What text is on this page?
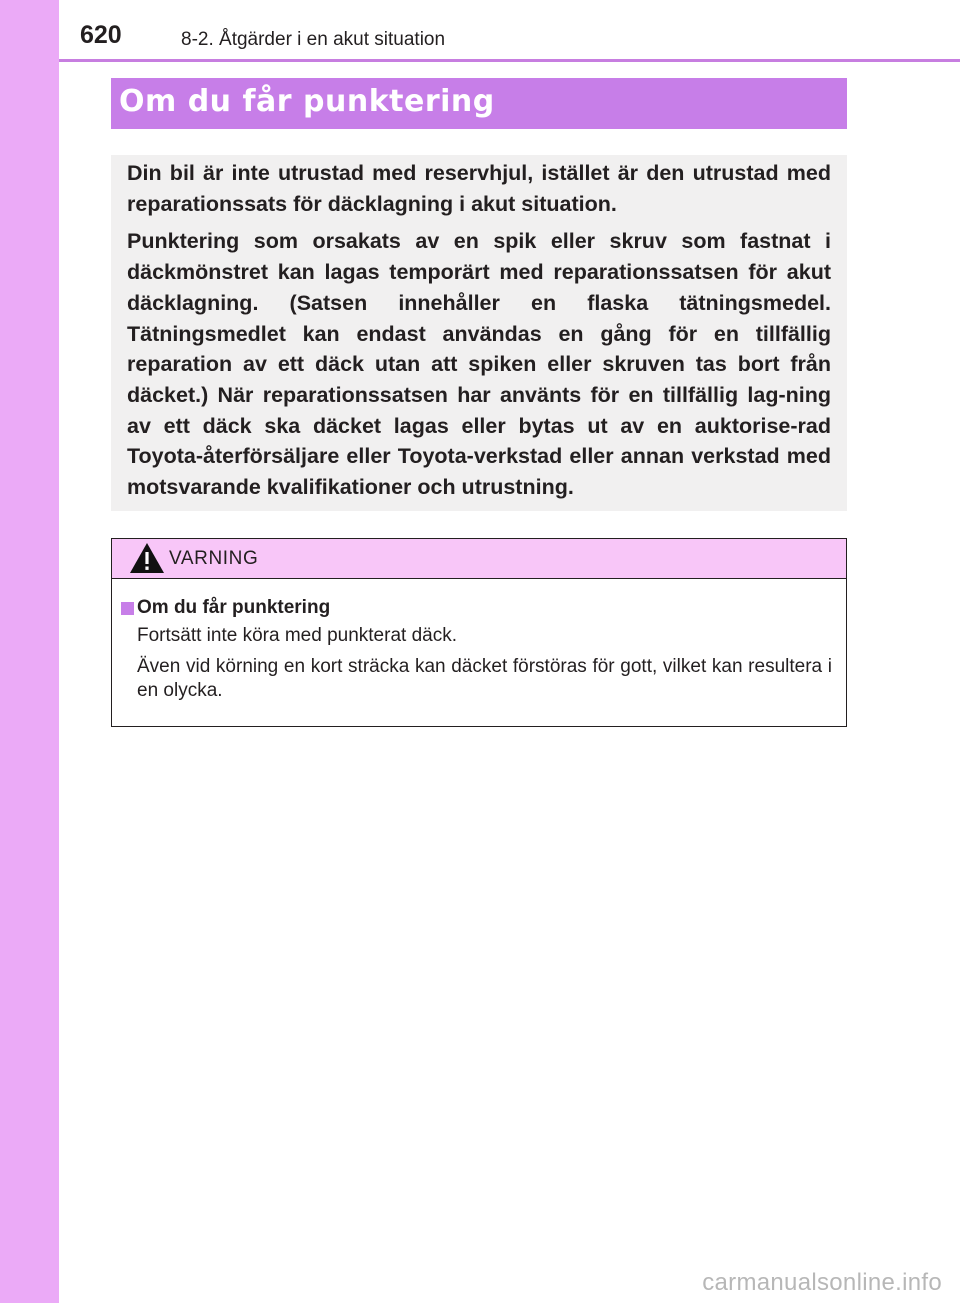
620	8-2. Åtgärder i en akut situation
Om du får punktering

Din bil är inte utrustad med reservhjul, istället är den utrustad med reparationssats för däcklagning i akut situation.

Punktering som orsakats av en spik eller skruv som fastnat i däckmönstret kan lagas temporärt med reparationssatsen för akut däcklagning. (Satsen innehåller en flaska tätningsmedel. Tätningsmedlet kan endast användas en gång för en tillfällig reparation av ett däck utan att spiken eller skruven tas bort från däcket.) När reparationssatsen har använts för en tillfällig lag-ning av ett däck ska däcket lagas eller bytas ut av en auktorise-rad Toyota-återförsäljare eller Toyota-verkstad eller annan verkstad med motsvarande kvalifikationer och utrustning.

VARNING
Om du får punktering

Fortsätt inte köra med punkterat däck.

Även vid körning en kort sträcka kan däcket förstöras för gott, vilket kan resultera i en olycka.

carmanualsonline.info
